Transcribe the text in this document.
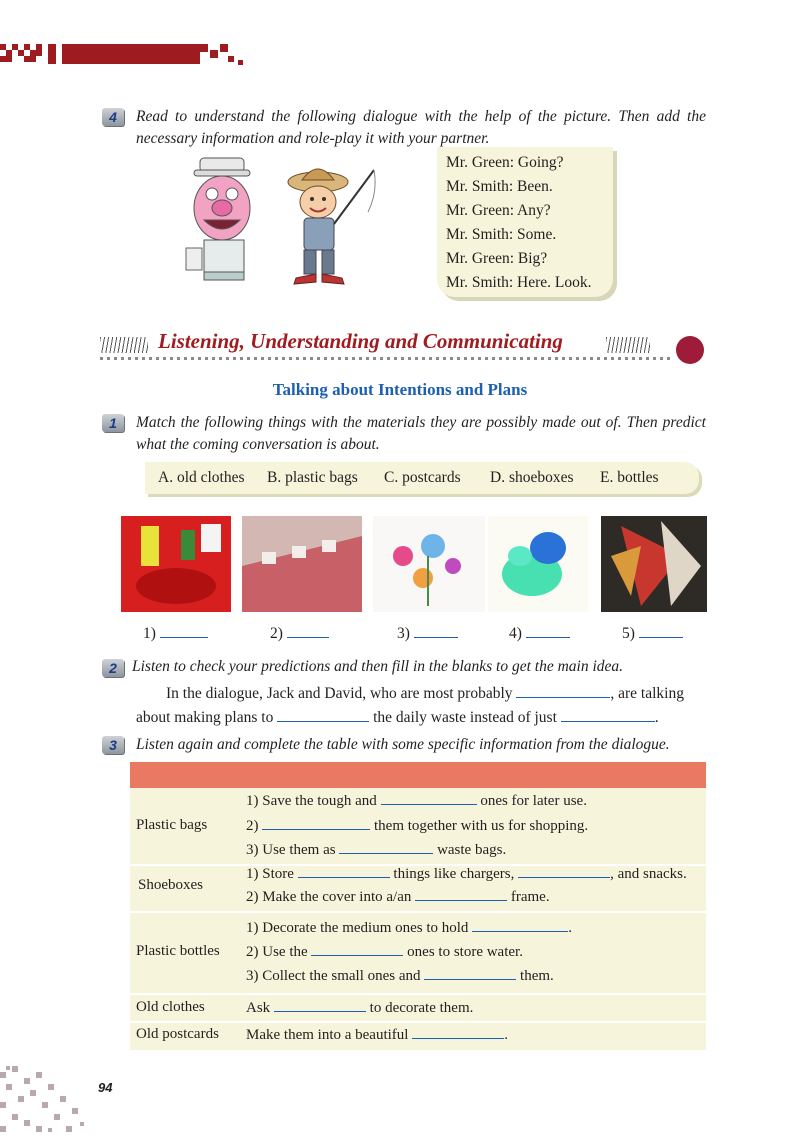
4	Read to understand the following dialogue with the help of the picture. Then add the necessary information and role-play it with your partner.
Mr. Green: Going?
Mr. Smith: Been.
Mr. Green: Any?
Mr. Smith: Some.
Mr. Green: Big?
Mr. Smith: Here. Look.
Listening, Understanding and Communicating
Talking about Intentions and Plans
1	Match the following things with the materials they are possibly made out of. Then predict what the coming conversation is about.
A. old clothes B. plastic bags C. postcards D. shoeboxes E. bottles
1)	2)	3)	4)	5)
2 Listen to check your predictions and then fill in the blanks to get the main idea.
In the dialogue, Jack and David, who are most probably	, are talking
about making plans to	the daily waste instead of just	.
3	Listen again and complete the table with some specific information from the dialogue.
Plastic bags
1) Save the tough and	ones for later use.
2)	them together with us for shopping.
3) Use them as	waste bags.
Shoeboxes
1) Store	things like chargers,	, and snacks.
2) Make the cover into a/an	frame.
Plastic bottles
1) Decorate the medium ones to hold	.
2) Use the	ones to store water.
3) Collect the small ones and	them.
Old clothes	Ask	to decorate them.
Old postcards Make them into a beautiful	.
94
